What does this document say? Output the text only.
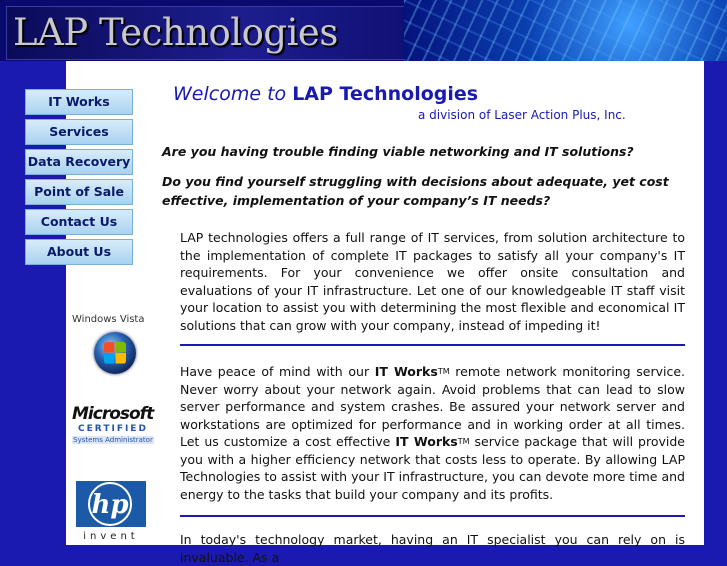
LAP Technologies
IT Works
Services
Data Recovery
Point of Sale
Contact Us
About Us
Windows Vista
Microsoft
CERTIFIED
Systems Administrator
hp
invent
Welcome to LAP Technologies
a division of Laser Action Plus, Inc.
Are you having trouble finding viable networking and IT solutions?
Do you find yourself struggling with decisions about adequate, yet cost effective, implementation of your company’s IT needs?
LAP technologies offers a full range of IT services, from solution architecture to the implementation of complete IT packages to satisfy all your company's IT requirements. For your convenience we offer onsite consultation and evaluations of your IT infrastructure. Let one of our knowledgeable IT staff visit your location to assist you with determining the most flexible and economical IT solutions that can grow with your company, instead of impeding it!
Have peace of mind with our IT Works™ remote network monitoring service. Never worry about your network again. Avoid problems that can lead to slow server performance and system crashes. Be assured your network server and workstations are optimized for performance and in working order at all times. Let us customize a cost effective IT Works™ service package that will provide you with a higher efficiency network that costs less to operate. By allowing LAP Technologies to assist with your IT infrastructure, you can devote more time and energy to the tasks that build your company and its profits.
In today's technology market, having an IT specialist you can rely on is invaluable. As a
